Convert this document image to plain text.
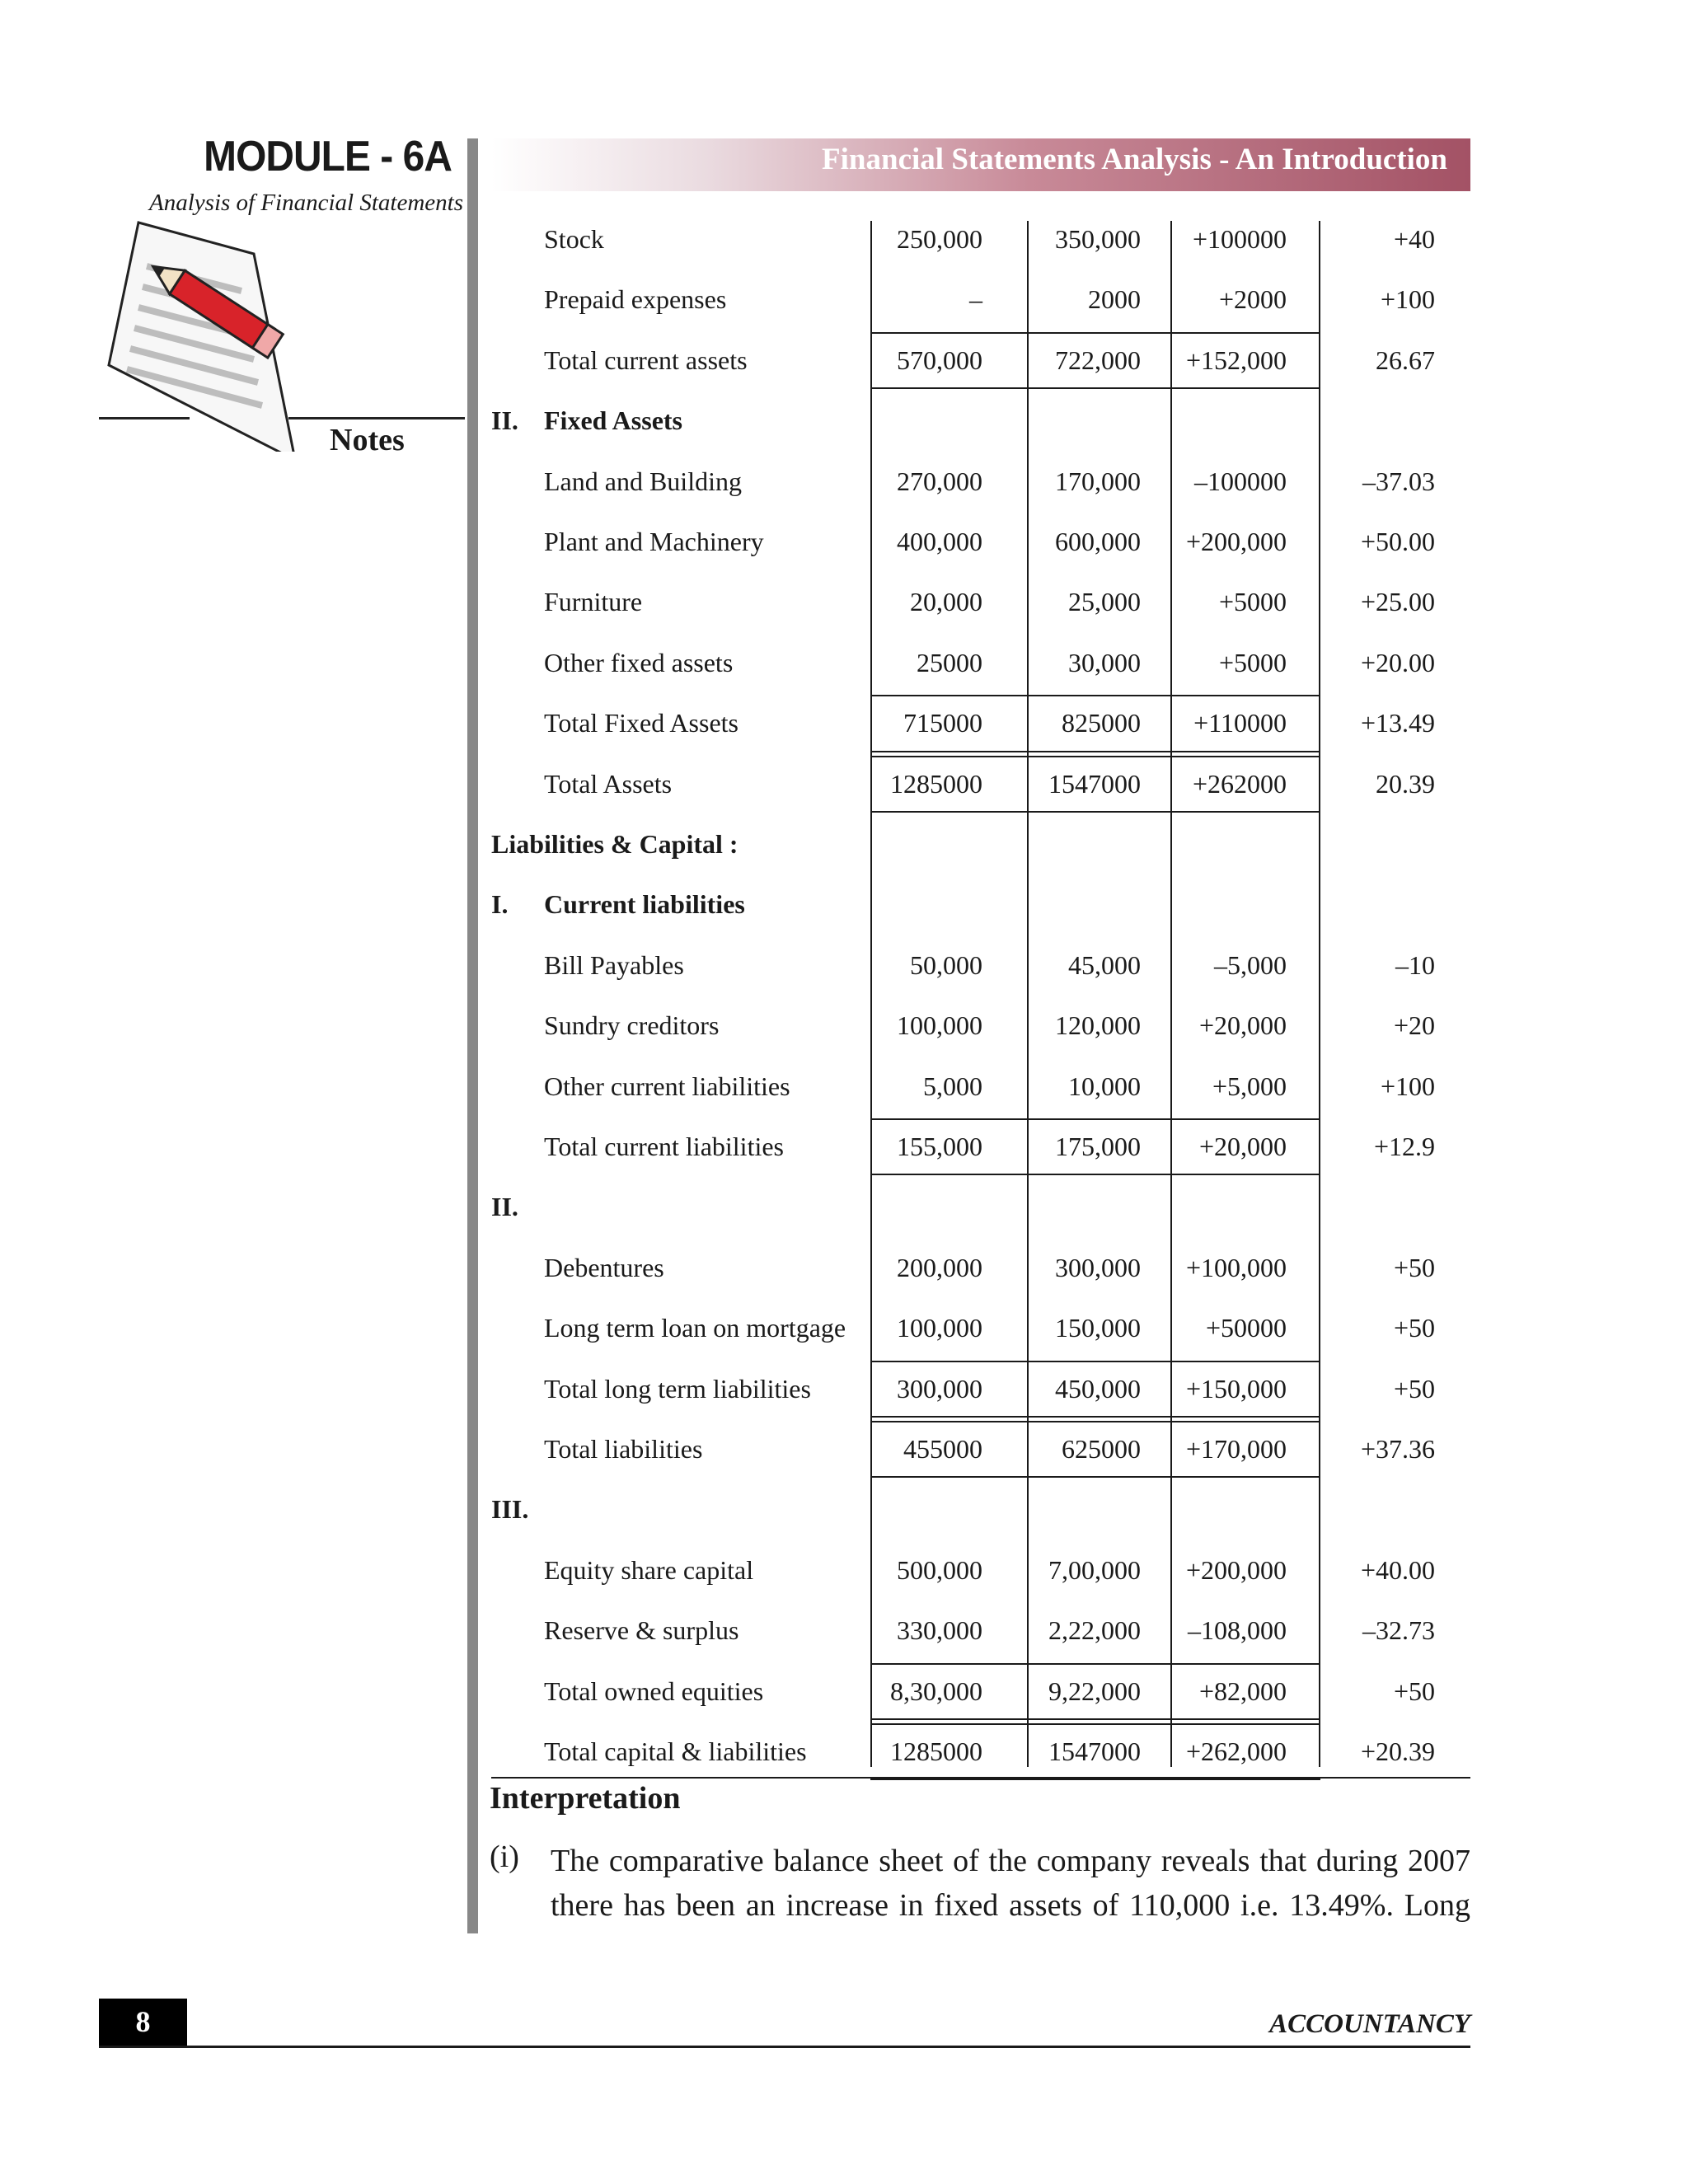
MODULE - 6A
Analysis of Financial Statements
Notes
Financial Statements Analysis - An Introduction
Stock	250,000	350,000	+100000	+40
Prepaid expenses	–	2000	+2000	+100
Total current assets	570,000	722,000	+152,000	26.67
II. Fixed Assets
Land and Building	270,000	170,000	–100000	–37.03
Plant and Machinery	400,000	600,000	+200,000	+50.00
Furniture	20,000	25,000	+5000	+25.00
Other fixed assets	25000	30,000	+5000	+20.00
Total Fixed Assets	715000	825000	+110000	+13.49
Total Assets	1285000	1547000	+262000	20.39
Liabilities & Capital :
I. Current liabilities
Bill Payables	50,000	45,000	–5,000	–10
Sundry creditors	100,000	120,000	+20,000	+20
Other current liabilities	5,000	10,000	+5,000	+100
Total current liabilities	155,000	175,000	+20,000	+12.9
II.
Debentures	200,000	300,000	+100,000	+50
Long term loan on mortgage	100,000	150,000	+50000	+50
Total long term liabilities	300,000	450,000	+150,000	+50
Total liabilities	455000	625000	+170,000	+37.36
III.
Equity share capital	500,000	7,00,000	+200,000	+40.00
Reserve & surplus	330,000	2,22,000	–108,000	–32.73
Total owned equities	8,30,000	9,22,000	+82,000	+50
Total capital & liabilities	1285000	1547000	+262,000	+20.39
Interpretation
(i) The comparative balance sheet of the company reveals that during 2007
there has been an increase in fixed assets of 110,000 i.e. 13.49%. Long
8	ACCOUNTANCY
